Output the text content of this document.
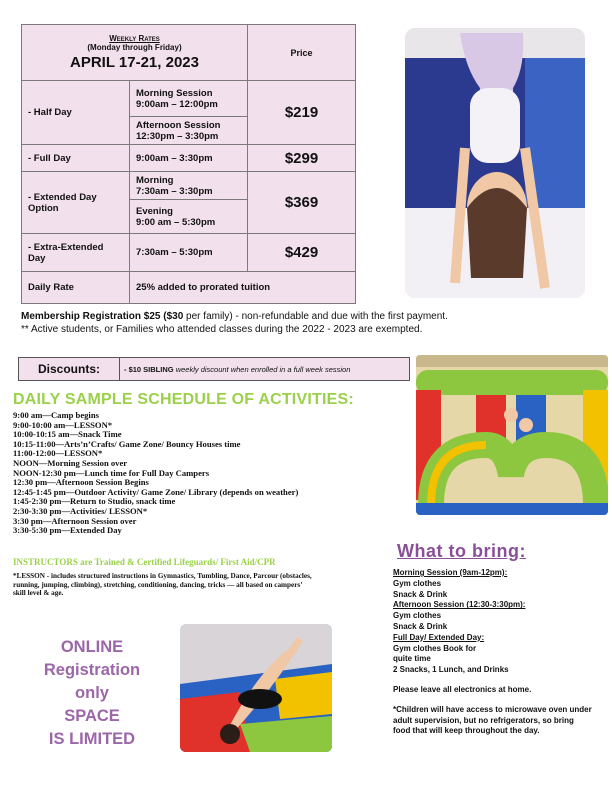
Weekly Rates
(Monday through Friday)
APRIL 17-21, 2023		Price
- Half Day	Morning Session
9:00am – 12:00pm	$219

	Afternoon Session
12:30pm – 3:30pm	

- Full Day	9:00am – 3:30pm	$299
- Extended Day Option	Morning
7:30am – 3:30pm	$369

	Evening
9:00 am – 5:30pm	

- Extra-Extended Day	7:30am – 5:30pm	$429
Daily Rate	25% added to prorated tuition	
Membership Registration $25 ($30 per family) - non-refundable and due with the first payment.
** Active students, or Families who attended classes during the 2022 - 2023 are exempted.
Discounts:	- $10 SIBLING weekly discount when enrolled in a full week session
DAILY SAMPLE SCHEDULE OF ACTIVITIES:
9:00 am—Camp begins
9:00-10:00 am—LESSON*
10:00-10:15 am—Snack Time
10:15-11:00—Arts’n’Crafts/ Game Zone/ Bouncy Houses time
11:00-12:00—LESSON*
NOON—Morning Session over
NOON-12:30 pm—Lunch time for Full Day Campers
12:30 pm—Afternoon Session Begins
12:45-1:45 pm—Outdoor Activity/ Game Zone/ Library (depends on weather)
1:45-2:30 pm—Return to Studio, snack time
2:30-3:30 pm—Activities/ LESSON*
3:30 pm—Afternoon Session over
3:30-5:30 pm—Extended Day
INSTRUCTORS are Trained & Certified Lifeguards/ First Aid/CPR
*LESSON - includes structured instructions in Gymnastics, Tumbling, Dance, Parcour (obstacles, running, jumping, climbing), stretching, conditioning, dancing, tricks — all based on campers’ skill level & age.
ONLINE
Registration
only
SPACE
IS LIMITED
What to bring:
Morning Session (9am-12pm):
Gym clothes
Snack & Drink
Afternoon Session (12:30-3:30pm):
Gym clothes
Snack & Drink
Full Day/ Extended Day:
Gym clothes Book for
quite time
2 Snacks, 1 Lunch, and Drinks
Please leave all electronics at home.
*Children will have access to microwave oven under adult supervision, but no refrigerators, so bring food that will keep throughout the day.
